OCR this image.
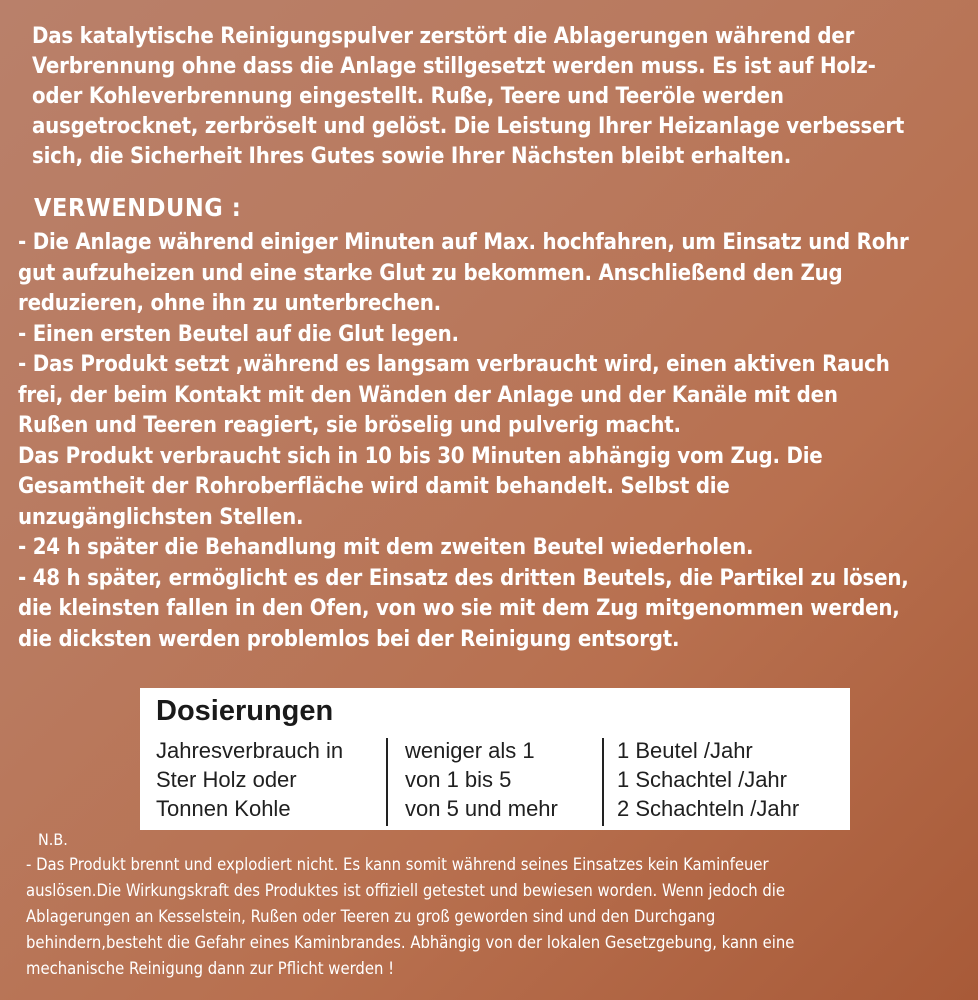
Das katalytische Reinigungspulver zerstört die Ablagerungen während der
Verbrennung ohne dass die Anlage stillgesetzt werden muss. Es ist auf Holz-
oder Kohleverbrennung eingestellt. Ruße, Teere und Teeröle werden
ausgetrocknet, zerbröselt und gelöst. Die Leistung Ihrer Heizanlage verbessert
sich, die Sicherheit Ihres Gutes sowie Ihrer Nächsten bleibt erhalten.
VERWENDUNG :

- Die Anlage während einiger Minuten auf Max. hochfahren, um Einsatz und Rohr
gut aufzuheizen und eine starke Glut zu bekommen. Anschließend den Zug
reduzieren, ohne ihn zu unterbrechen.

- Einen ersten Beutel auf die Glut legen.

- Das Produkt setzt ,während es langsam verbraucht wird, einen aktiven Rauch
frei, der beim Kontakt mit den Wänden der Anlage und der Kanäle mit den
Rußen und Teeren reagiert, sie bröselig und pulverig macht.

Das Produkt verbraucht sich in 10 bis 30 Minuten abhängig vom Zug. Die
Gesamtheit der Rohroberfläche wird damit behandelt. Selbst die
unzugänglichsten Stellen.

- 24 h später die Behandlung mit dem zweiten Beutel wiederholen.

- 48 h später, ermöglicht es der Einsatz des dritten Beutels, die Partikel zu lösen,
die kleinsten fallen in den Ofen, von wo sie mit dem Zug mitgenommen werden,
die dicksten werden problemlos bei der Reinigung entsorgt.

Dosierungen
Jahresverbrauch in
Ster Holz oder
Tonnen Kohle
weniger als 1
von 1 bis 5
von 5 und mehr
1 Beutel /Jahr
1 Schachtel /Jahr
2 Schachteln /Jahr
N.B.
- Das Produkt brennt und explodiert nicht. Es kann somit während seines Einsatzes kein Kaminfeuer
auslösen.Die Wirkungskraft des Produktes ist offiziell getestet und bewiesen worden. Wenn jedoch die
Ablagerungen an Kesselstein, Rußen oder Teeren zu groß geworden sind und den Durchgang
behindern,besteht die Gefahr eines Kaminbrandes. Abhängig von der lokalen Gesetzgebung, kann eine
mechanische Reinigung dann zur Pflicht werden !
